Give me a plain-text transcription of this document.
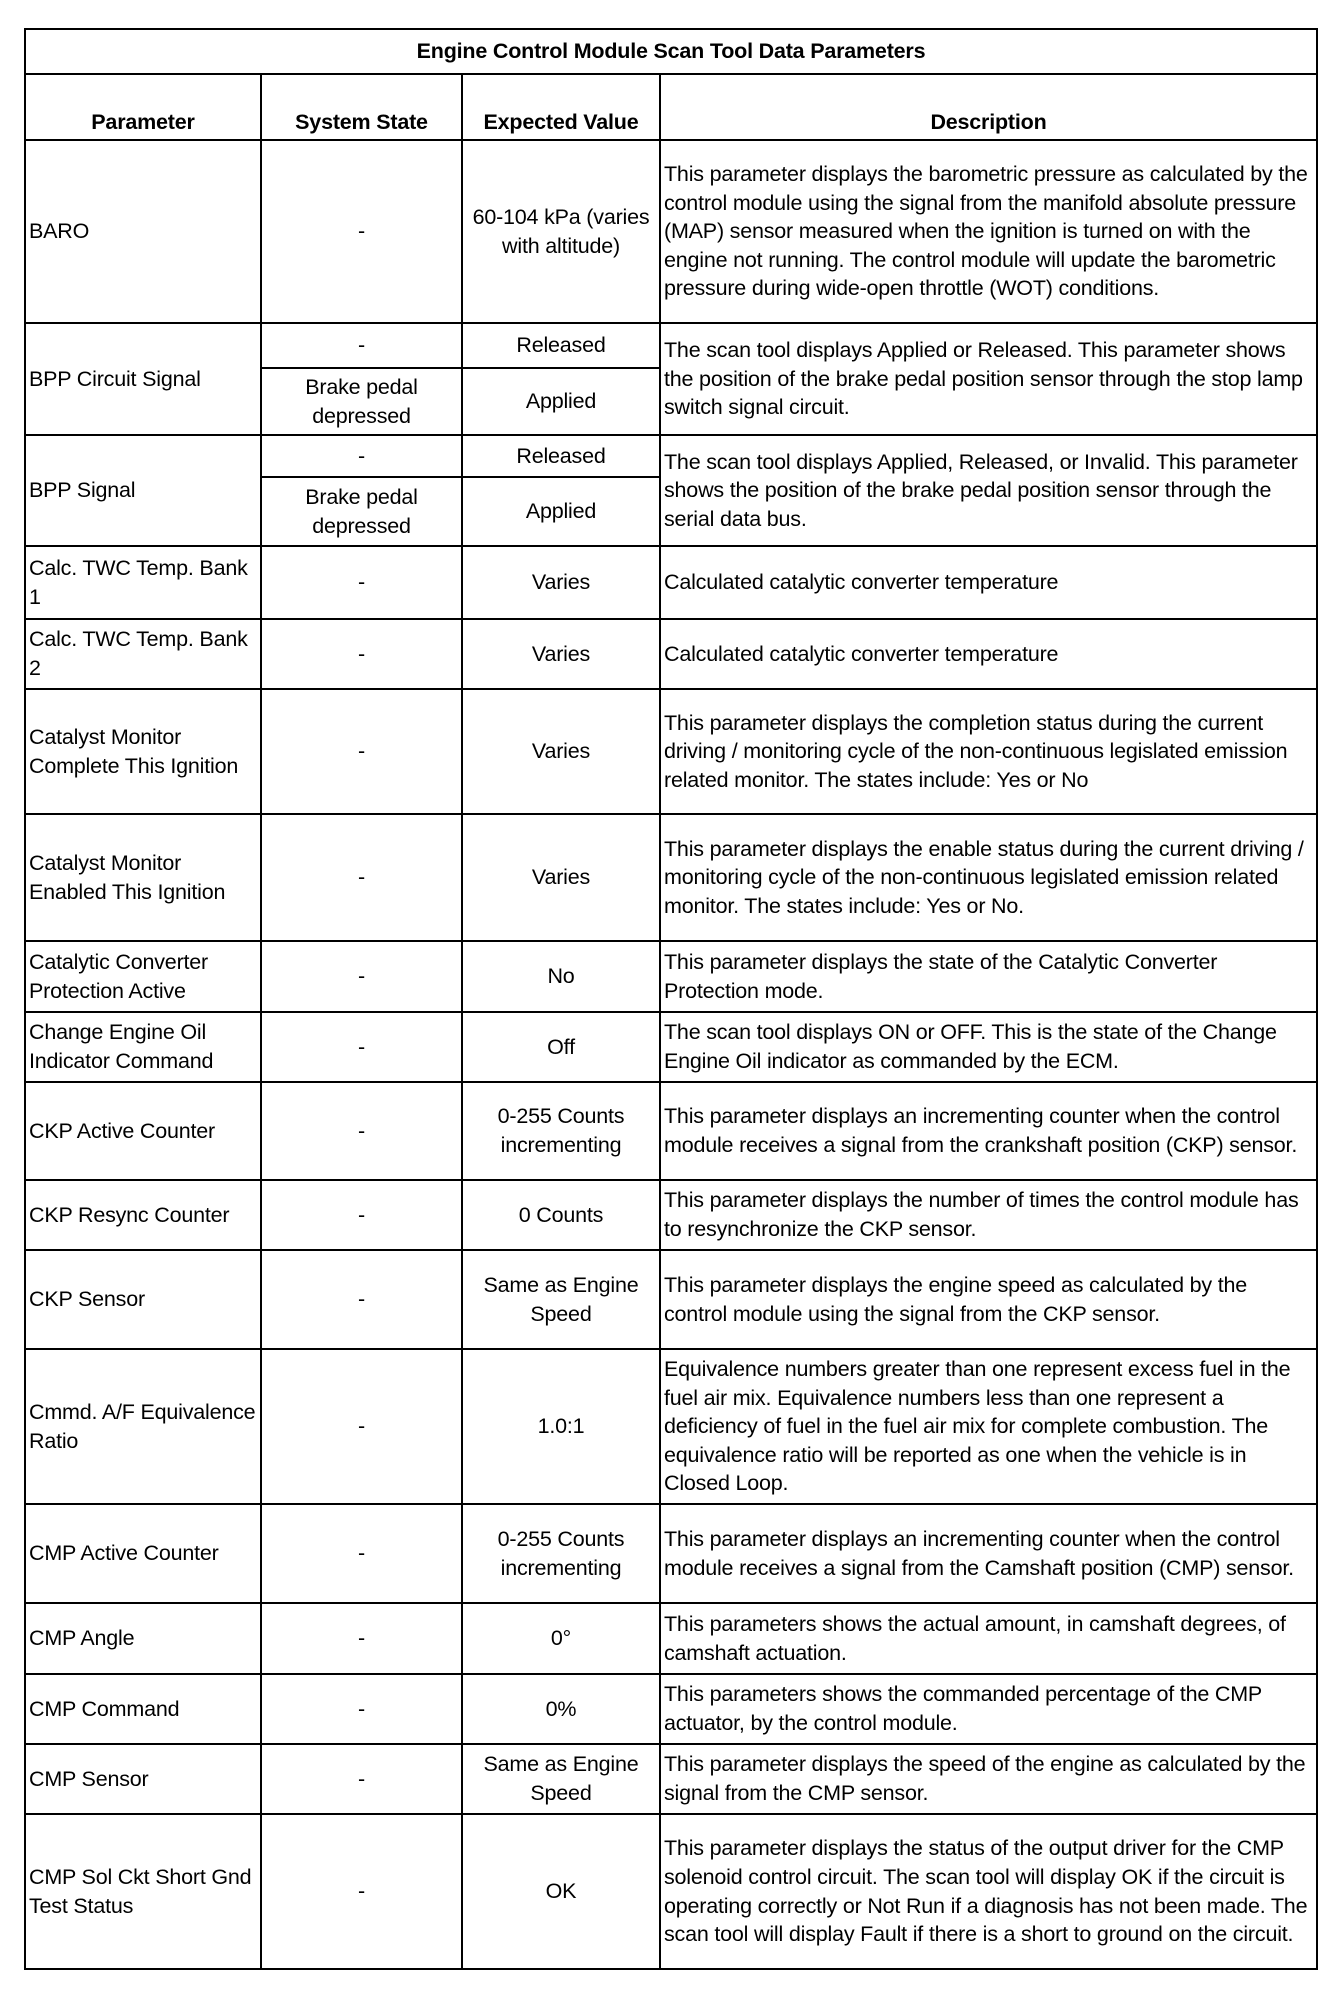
Engine Control Module Scan Tool Data Parameters			
Parameter	System State	Expected Value	Description
BARO	-	60-104 kPa (varies with altitude)	This parameter displays the barometric pressure as calculated by the control module using the signal from the manifold absolute pressure (MAP) sensor measured when the ignition is turned on with the engine not running. The control module will update the barometric pressure during wide-open throttle (WOT) conditions.
BPP Circuit Signal	-	Released	The scan tool displays Applied or Released. This parameter shows the position of the brake pedal position sensor through the stop lamp switch signal circuit.
	Brake pedal depressed	Applied	
BPP Signal	-	Released	The scan tool displays Applied, Released, or Invalid. This parameter shows the position of the brake pedal position sensor through the serial data bus.
	Brake pedal depressed	Applied	
Calc. TWC Temp. Bank 1	-	Varies	Calculated catalytic converter temperature
Calc. TWC Temp. Bank 2	-	Varies	Calculated catalytic converter temperature
Catalyst Monitor Complete This Ignition	-	Varies	This parameter displays the completion status during the current driving / monitoring cycle of the non-continuous legislated emission related monitor. The states include: Yes or No
Catalyst Monitor Enabled This Ignition	-	Varies	This parameter displays the enable status during the current driving / monitoring cycle of the non-continuous legislated emission related monitor. The states include: Yes or No.
Catalytic Converter Protection Active	-	No	This parameter displays the state of the Catalytic Converter Protection mode.
Change Engine Oil Indicator Command	-	Off	The scan tool displays ON or OFF. This is the state of the Change Engine Oil indicator as commanded by the ECM.
CKP Active Counter	-	0-255 Counts incrementing	This parameter displays an incrementing counter when the control module receives a signal from the crankshaft position (CKP) sensor.
CKP Resync Counter	-	0 Counts	This parameter displays the number of times the control module has to resynchronize the CKP sensor.
CKP Sensor	-	Same as Engine Speed	This parameter displays the engine speed as calculated by the control module using the signal from the CKP sensor.
Cmmd. A/F Equivalence Ratio	-	1.0:1	Equivalence numbers greater than one represent excess fuel in the fuel air mix. Equivalence numbers less than one represent a deficiency of fuel in the fuel air mix for complete combustion. The equivalence ratio will be reported as one when the vehicle is in Closed Loop.
CMP Active Counter	-	0-255 Counts incrementing	This parameter displays an incrementing counter when the control module receives a signal from the Camshaft position (CMP) sensor.
CMP Angle	-	0°	This parameters shows the actual amount, in camshaft degrees, of camshaft actuation.
CMP Command	-	0%	This parameters shows the commanded percentage of the CMP actuator, by the control module.
CMP Sensor	-	Same as Engine Speed	This parameter displays the speed of the engine as calculated by the signal from the CMP sensor.
CMP Sol Ckt Short Gnd Test Status	-	OK	This parameter displays the status of the output driver for the CMP solenoid control circuit. The scan tool will display OK if the circuit is operating correctly or Not Run if a diagnosis has not been made. The scan tool will display Fault if there is a short to ground on the circuit.
